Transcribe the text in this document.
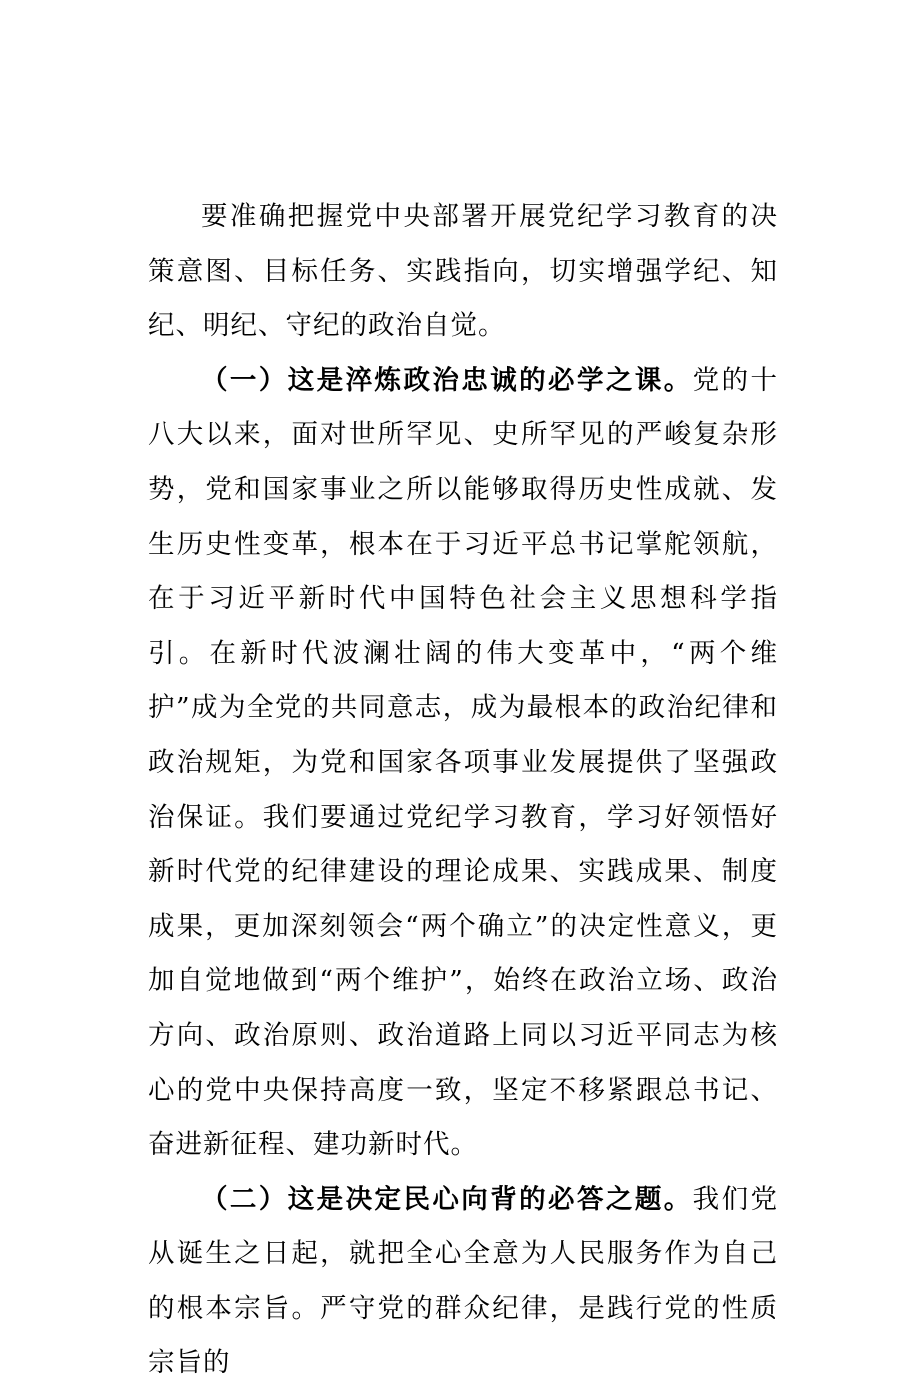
要准确把握党中央部署开展党纪学习教育的决策意图、目标任务、实践指向，切实增强学纪、知纪、明纪、守纪的政治自觉。

（一）这是淬炼政治忠诚的必学之课。党的十八大以来，面对世所罕见、史所罕见的严峻复杂形势，党和国家事业之所以能够取得历史性成就、发生历史性变革，根本在于习近平总书记掌舵领航，在于习近平新时代中国特色社会主义思想科学指引。在新时代波澜壮阔的伟大变革中，“两个维护”成为全党的共同意志，成为最根本的政治纪律和政治规矩，为党和国家各项事业发展提供了坚强政治保证。我们要通过党纪学习教育，学习好领悟好新时代党的纪律建设的理论成果、实践成果、制度成果，更加深刻领会“两个确立”的决定性意义，更加自觉地做到“两个维护”，始终在政治立场、政治方向、政治原则、政治道路上同以习近平同志为核心的党中央保持高度一致，坚定不移紧跟总书记、奋进新征程、建功新时代。

（二）这是决定民心向背的必答之题。我们党从诞生之日起，就把全心全意为人民服务作为自己的根本宗旨。严守党的群众纪律，是践行党的性质宗旨的
